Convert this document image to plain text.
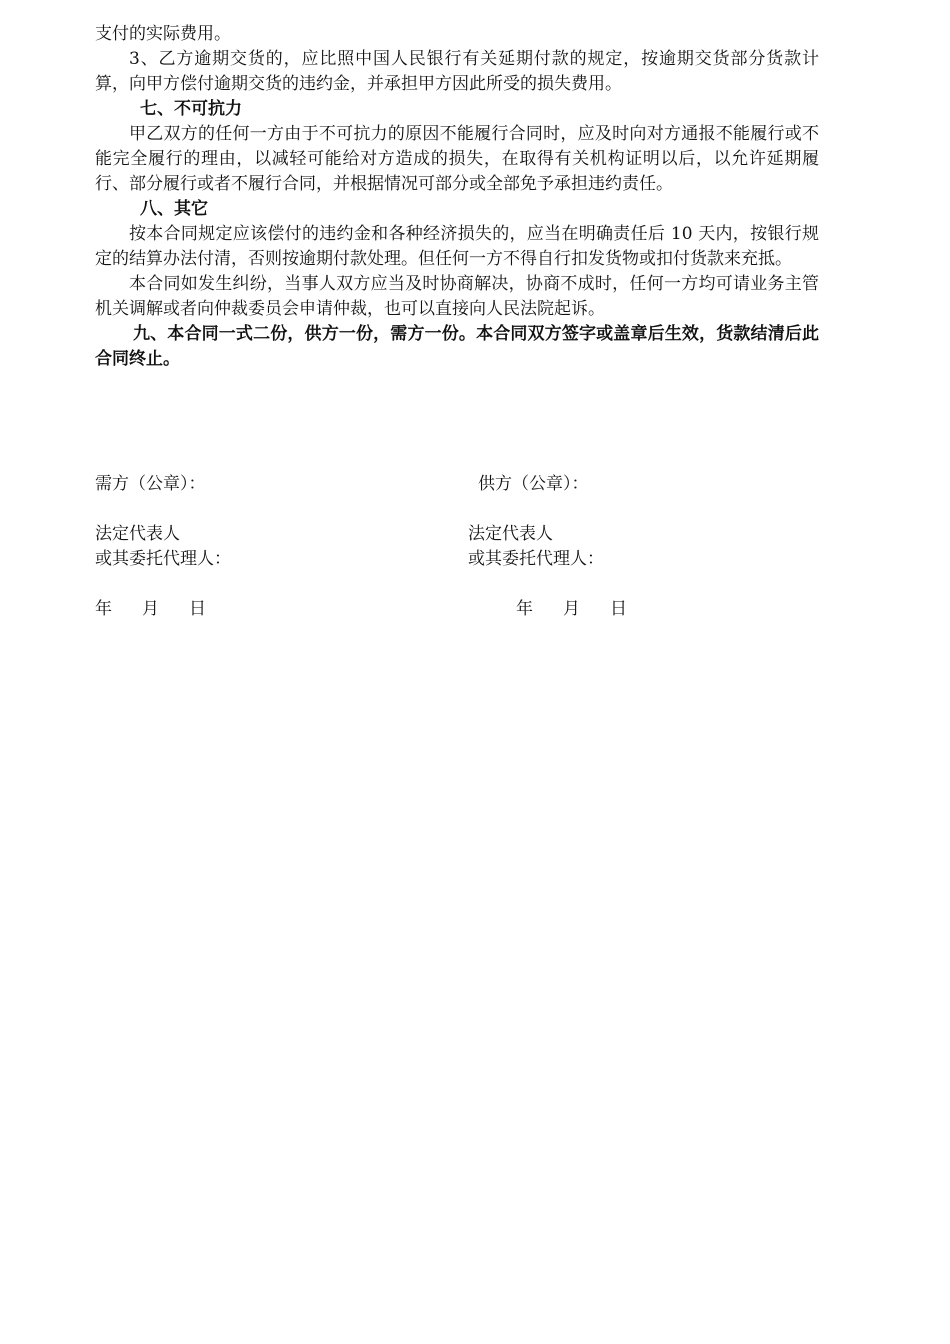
支付的实际费用。

3、乙方逾期交货的，应比照中国人民银行有关延期付款的规定，按逾期交货部分货款计算，向甲方偿付逾期交货的违约金，并承担甲方因此所受的损失费用。

七、不可抗力

甲乙双方的任何一方由于不可抗力的原因不能履行合同时，应及时向对方通报不能履行或不能完全履行的理由，以减轻可能给对方造成的损失，在取得有关机构证明以后，以允许延期履行、部分履行或者不履行合同，并根据情况可部分或全部免予承担违约责任。

八、其它

按本合同规定应该偿付的违约金和各种经济损失的，应当在明确责任后 10 天内，按银行规定的结算办法付清，否则按逾期付款处理。但任何一方不得自行扣发货物或扣付货款来充抵。

本合同如发生纠纷，当事人双方应当及时协商解决，协商不成时，任何一方均可请业务主管机关调解或者向仲裁委员会申请仲裁，也可以直接向人民法院起诉。

九、本合同一式二份，供方一份，需方一份。本合同双方签字或盖章后生效，货款结清后此合同终止。

需方（公章）：
法定代表人
或其委托代理人：
年 月 日
供方（公章）：
法定代表人
或其委托代理人：
年 月 日
